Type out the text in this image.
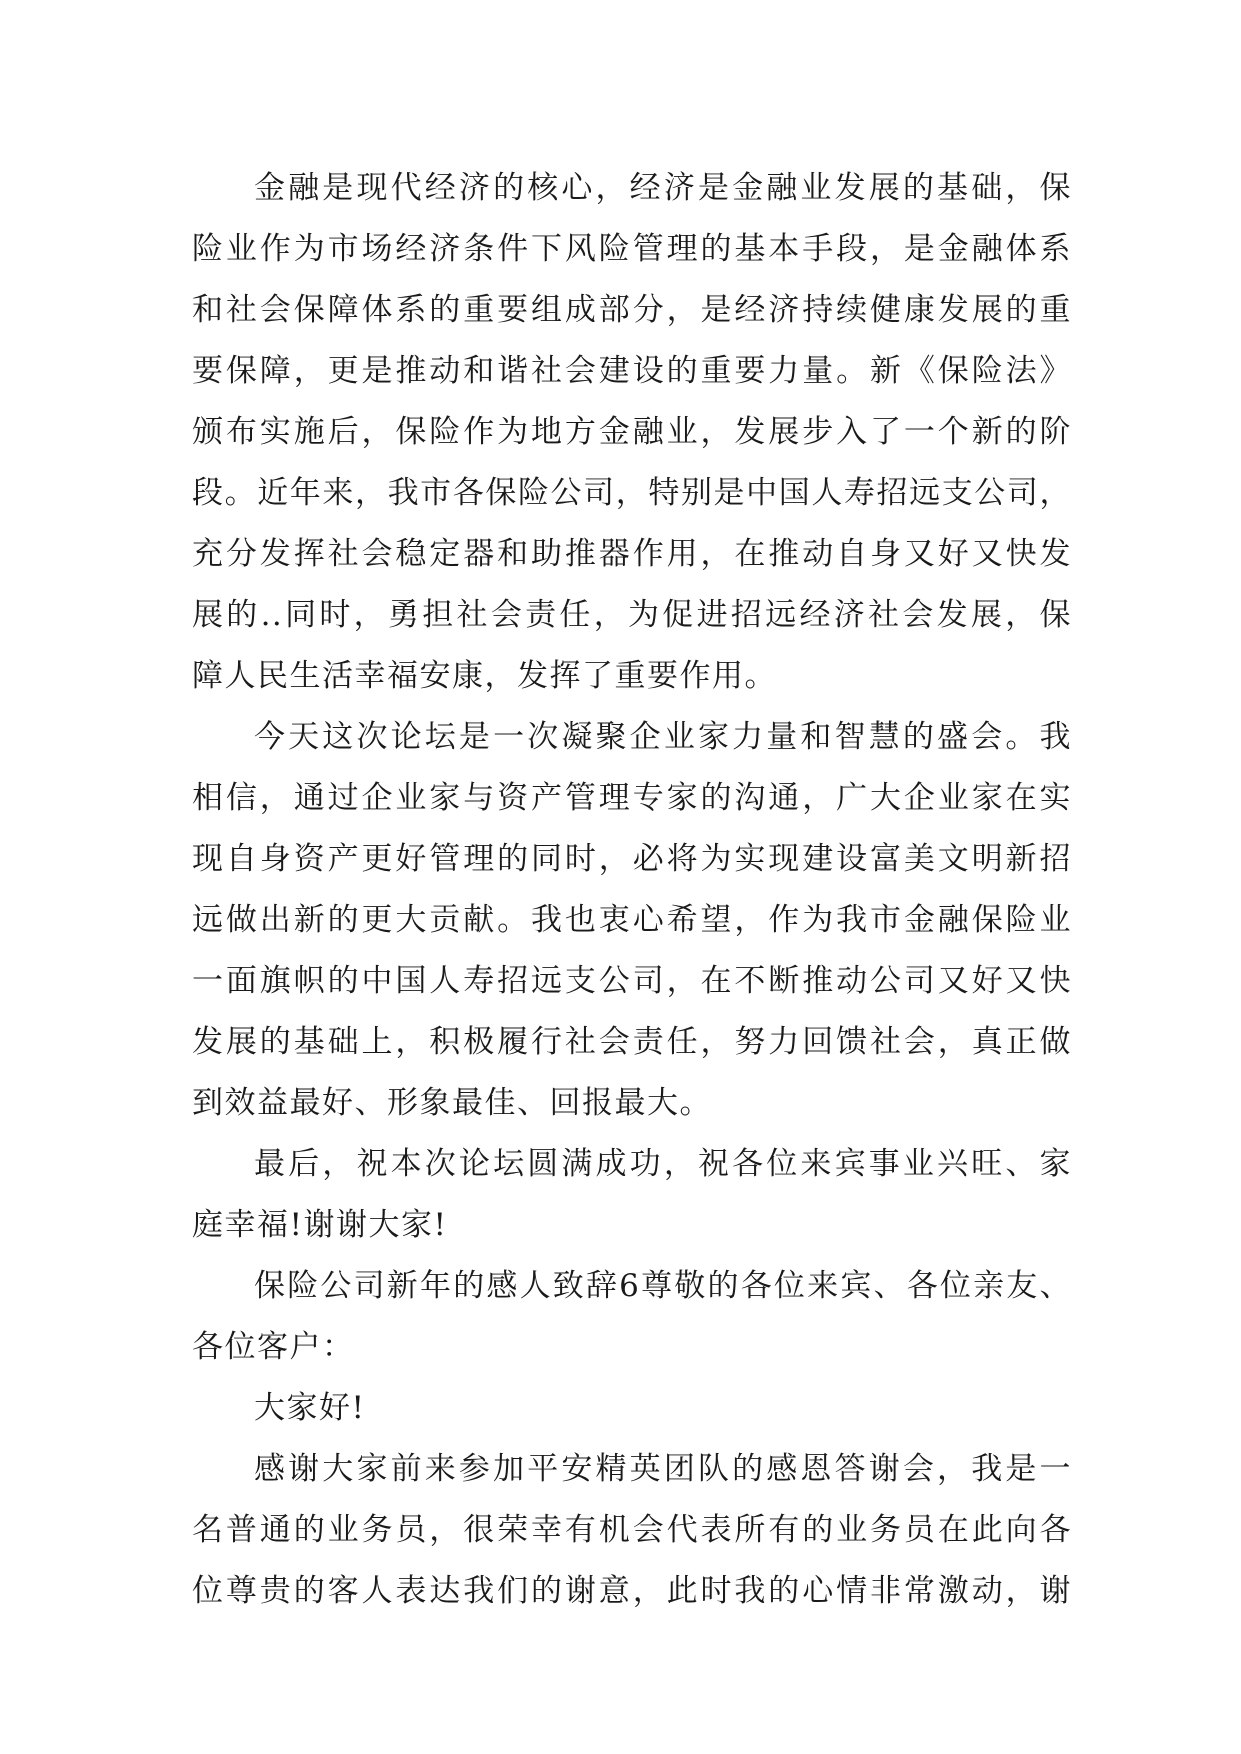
金融是现代经济的核心，经济是金融业发展的基础，保
险业作为市场经济条件下风险管理的基本手段，是金融体系
和社会保障体系的重要组成部分，是经济持续健康发展的重
要保障，更是推动和谐社会建设的重要力量。新《保险法》
颁布实施后，保险作为地方金融业，发展步入了一个新的阶
段。近年来，我市各保险公司，特别是中国人寿招远支公司，
充分发挥社会稳定器和助推器作用，在推动自身又好又快发
展的..同时，勇担社会责任，为促进招远经济社会发展，保
障人民生活幸福安康，发挥了重要作用。
今天这次论坛是一次凝聚企业家力量和智慧的盛会。我
相信，通过企业家与资产管理专家的沟通，广大企业家在实
现自身资产更好管理的同时，必将为实现建设富美文明新招
远做出新的更大贡献。我也衷心希望，作为我市金融保险业
一面旗帜的中国人寿招远支公司，在不断推动公司又好又快
发展的基础上，积极履行社会责任，努力回馈社会，真正做
到效益最好、形象最佳、回报最大。
最后，祝本次论坛圆满成功，祝各位来宾事业兴旺、家
庭幸福!谢谢大家!
保险公司新年的感人致辞6尊敬的各位来宾、各位亲友、
各位客户：
大家好!
感谢大家前来参加平安精英团队的感恩答谢会，我是一
名普通的业务员，很荣幸有机会代表所有的业务员在此向各
位尊贵的客人表达我们的谢意，此时我的心情非常激动，谢
